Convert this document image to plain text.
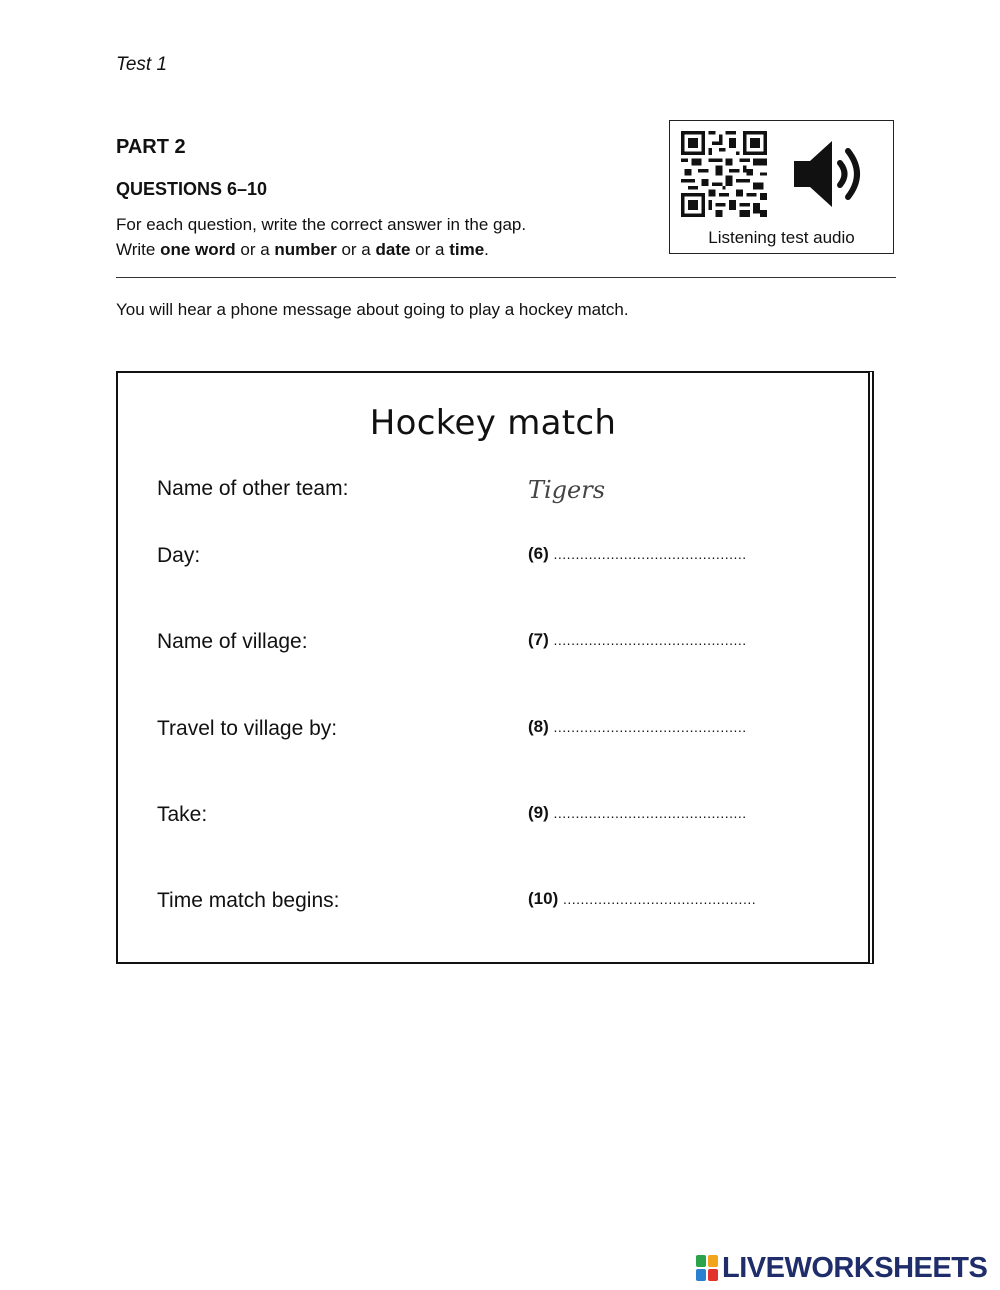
Test 1
PART 2
QUESTIONS 6–10
For each question, write the correct answer in the gap.
Write one word or a number or a date or a time.
Listening test audio
You will hear a phone message about going to play a hockey match.
Hockey match
Name of other team:	Tigers
Day:	(6) ............................................
Name of village:	(7) ............................................
Travel to village by:	(8) ............................................
Take:	(9) ............................................
Time match begins:	(10) ............................................
LIVEWORKSHEETS
